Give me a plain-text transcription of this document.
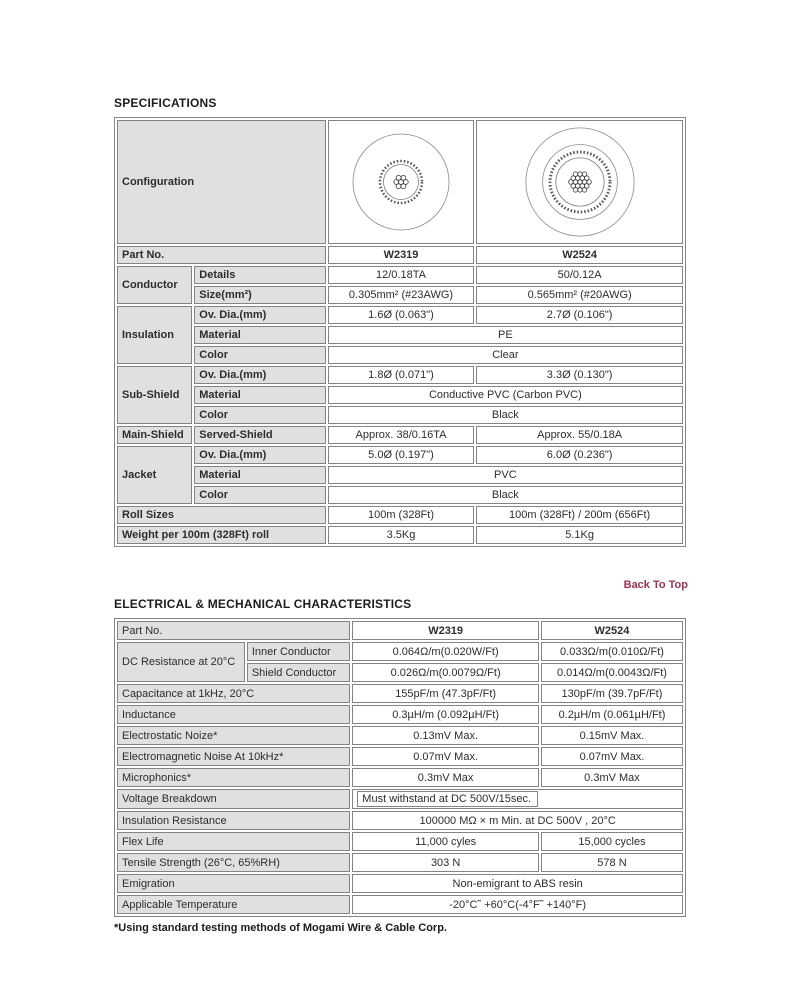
SPECIFICATIONS
Configuration	

Part No.		W2319	W2524
Conductor	Details	12/0.18TA	50/0.12A
	Size(mm²)	0.305mm² (#23AWG)	0.565mm² (#20AWG)
Insulation	Ov. Dia.(mm)	1.6Ø (0.063")	2.7Ø (0.106")
	Material	PE	
	Color	Clear	
Sub-Shield	Ov. Dia.(mm)	1.8Ø (0.071")	3.3Ø (0.130")
	Material	Conductive PVC (Carbon PVC)	
	Color	Black	
Main-Shield	Served-Shield	Approx. 38/0.16TA	Approx. 55/0.18A
Jacket	Ov. Dia.(mm)	5.0Ø (0.197")	6.0Ø (0.236")
	Material	PVC	
	Color	Black	
Roll Sizes		100m (328Ft)	100m (328Ft) / 200m (656Ft)
Weight per 100m (328Ft) roll		3.5Kg	5.1Kg
Back To Top
ELECTRICAL & MECHANICAL CHARACTERISTICS
Part No.		W2319	W2524
DC Resistance at 20°C	Inner Conductor	0.064Ω/m(0.020W/Ft)	0.033Ω/m(0.010Ω/Ft)
	Shield Conductor	0.026Ω/m(0.0079Ω/Ft)	0.014Ω/m(0.0043Ω/Ft)
Capacitance at 1kHz, 20°C		155pF/m (47.3pF/Ft)	130pF/m (39.7pF/Ft)
Inductance		0.3µH/m (0.092µH/Ft)	0.2µH/m (0.061µH/Ft)
Electrostatic Noize*		0.13mV Max.	0.15mV Max.
Electromagnetic Noise At 10kHz*		0.07mV Max.	0.07mV Max.
Microphonics*		0.3mV Max	0.3mV Max
Voltage Breakdown		Must withstand at DC 500V/15sec.	
Insulation Resistance		100000 MΩ × m Min. at DC 500V , 20°C	
Flex Life		11,000 cyles	15,000 cycles
Tensile Strength (26°C, 65%RH)		303 N	578 N
Emigration		Non-emigrant to ABS resin	
Applicable Temperature		-20°C˜ +60°C(-4°F˜ +140°F)	

*Using standard testing methods of Mogami Wire & Cable Corp.
